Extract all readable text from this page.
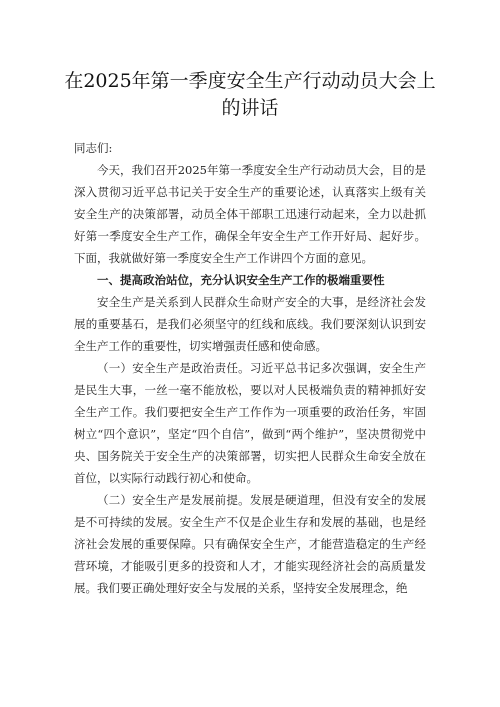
在2025年第一季度安全生产行动动员大会上的讲话

同志们:

今天，我们召开2025年第一季度安全生产行动动员大会，目的是深入贯彻习近平总书记关于安全生产的重要论述，认真落实上级有关安全生产的决策部署，动员全体干部职工迅速行动起来，全力以赴抓好第一季度安全生产工作，确保全年安全生产工作开好局、起好步。下面，我就做好第一季度安全生产工作讲四个方面的意见。

一、提高政治站位，充分认识安全生产工作的极端重要性

安全生产是关系到人民群众生命财产安全的大事，是经济社会发展的重要基石，是我们必须坚守的红线和底线。我们要深刻认识到安全生产工作的重要性，切实增强责任感和使命感。

（一）安全生产是政治责任。习近平总书记多次强调，安全生产是民生大事，一丝一毫不能放松，要以对人民极端负责的精神抓好安全生产工作。我们要把安全生产工作作为一项重要的政治任务，牢固树立“四个意识”，坚定“四个自信”，做到“两个维护”，坚决贯彻党中央、国务院关于安全生产的决策部署，切实把人民群众生命安全放在首位，以实际行动践行初心和使命。

（二）安全生产是发展前提。发展是硬道理，但没有安全的发展是不可持续的发展。安全生产不仅是企业生存和发展的基础，也是经济社会发展的重要保障。只有确保安全生产，才能营造稳定的生产经营环境，才能吸引更多的投资和人才，才能实现经济社会的高质量发展。我们要正确处理好安全与发展的关系，坚持安全发展理念，绝
